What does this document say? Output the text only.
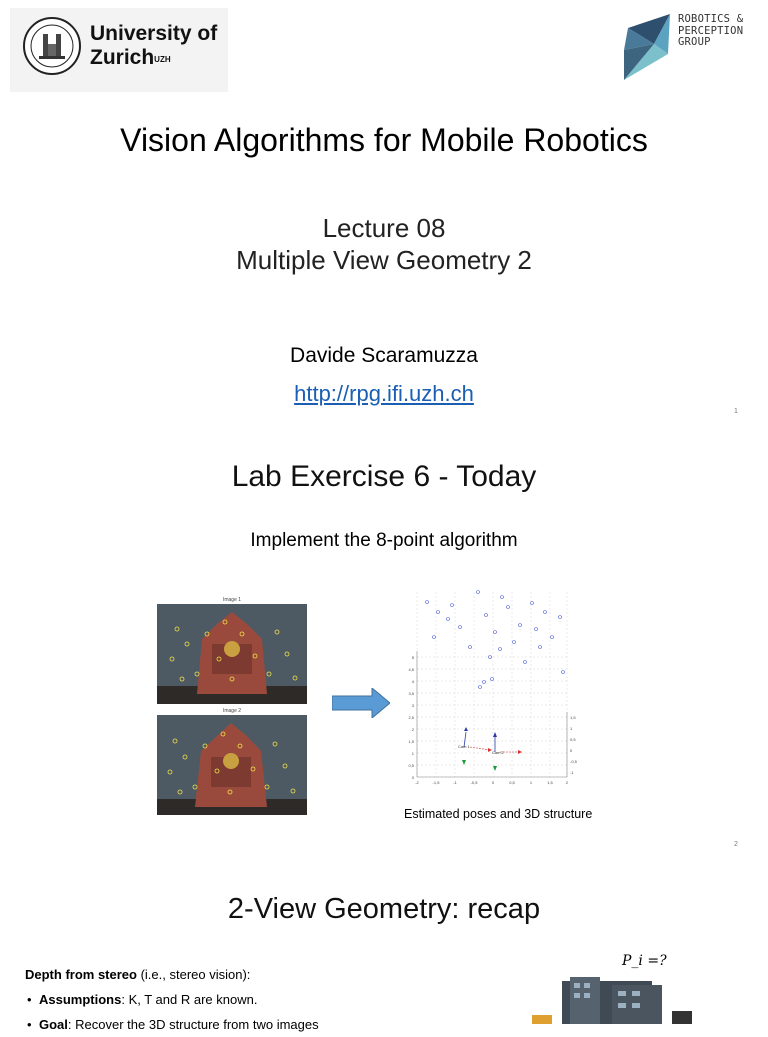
University of
Zurich$^{UZH}$
ROBOTICS &
PERCEPTION
GROUP
Vision Algorithms for Mobile Robotics
Lecture 08
Multiple View Geometry 2
Davide Scaramuzza
http://rpg.ifi.uzh.ch
1
Lab Exercise 6 - Today
Implement the 8-point algorithm
Image 1
Image 2
Cam 1
Cam 2
5
4,5
4
3,5
3
2,5
2
1,5
1
0,5
0
-2	-1,5	-1	-0,5	0	0,5	1	1,5	2
1,5
1
0,5
0
-0,5
-1
Estimated poses and 3D structure
2
2-View Geometry: recap
P_i =?
Depth from stereo (i.e., stereo vision):
• Assumptions: K, T and R are known.
• Goal: Recover the 3D structure from two images
